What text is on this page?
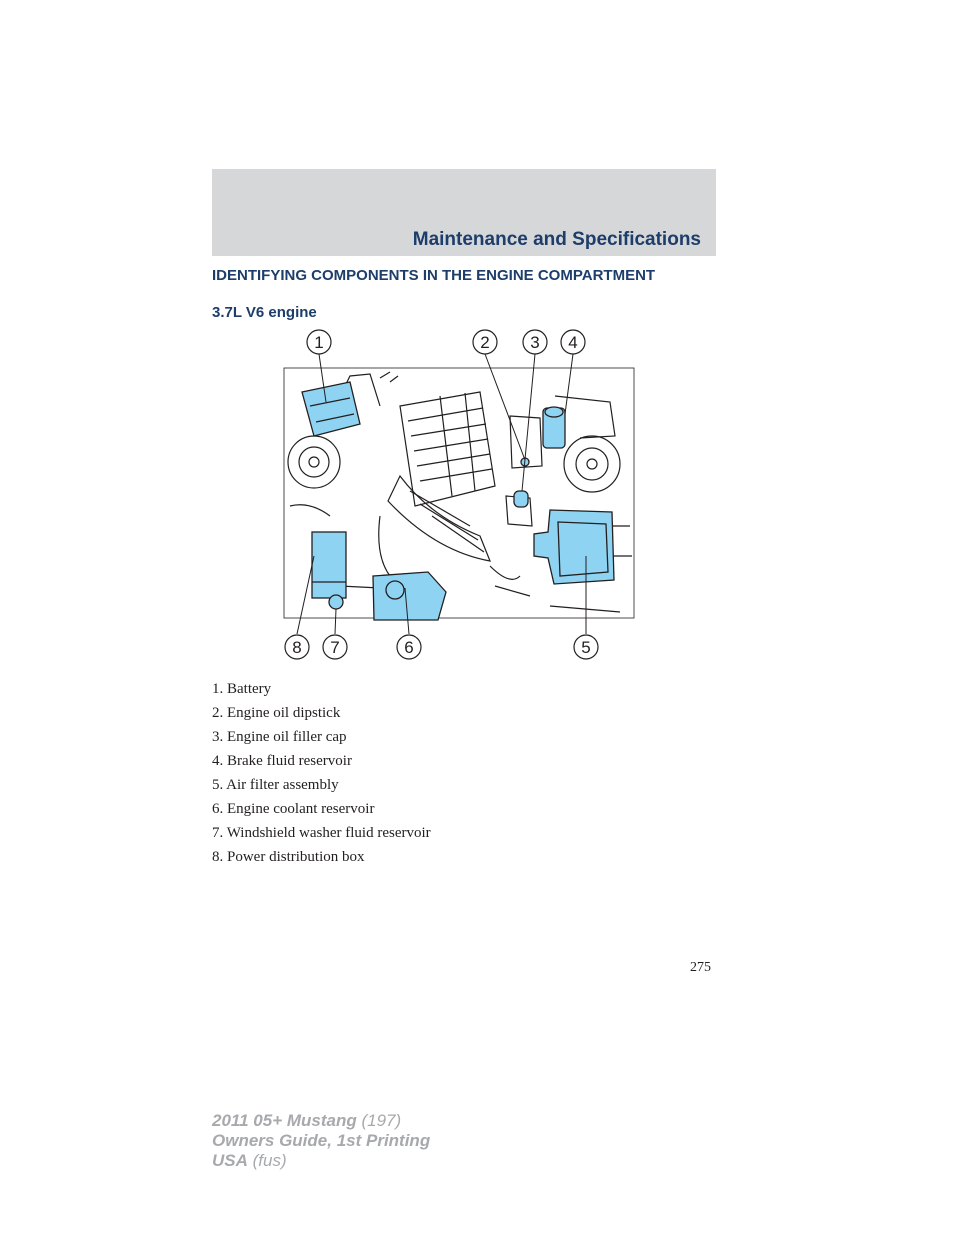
Maintenance and Specifications
IDENTIFYING COMPONENTS IN THE ENGINE COMPARTMENT
3.7L V6 engine
1	2 3 4
5
6
7
8
1. Battery
2. Engine oil dipstick
3. Engine oil filler cap
4. Brake fluid reservoir
5. Air filter assembly
6. Engine coolant reservoir
7. Windshield washer fluid reservoir
8. Power distribution box
275
2011 05+ Mustang (197)
Owners Guide, 1st Printing
USA (fus)
